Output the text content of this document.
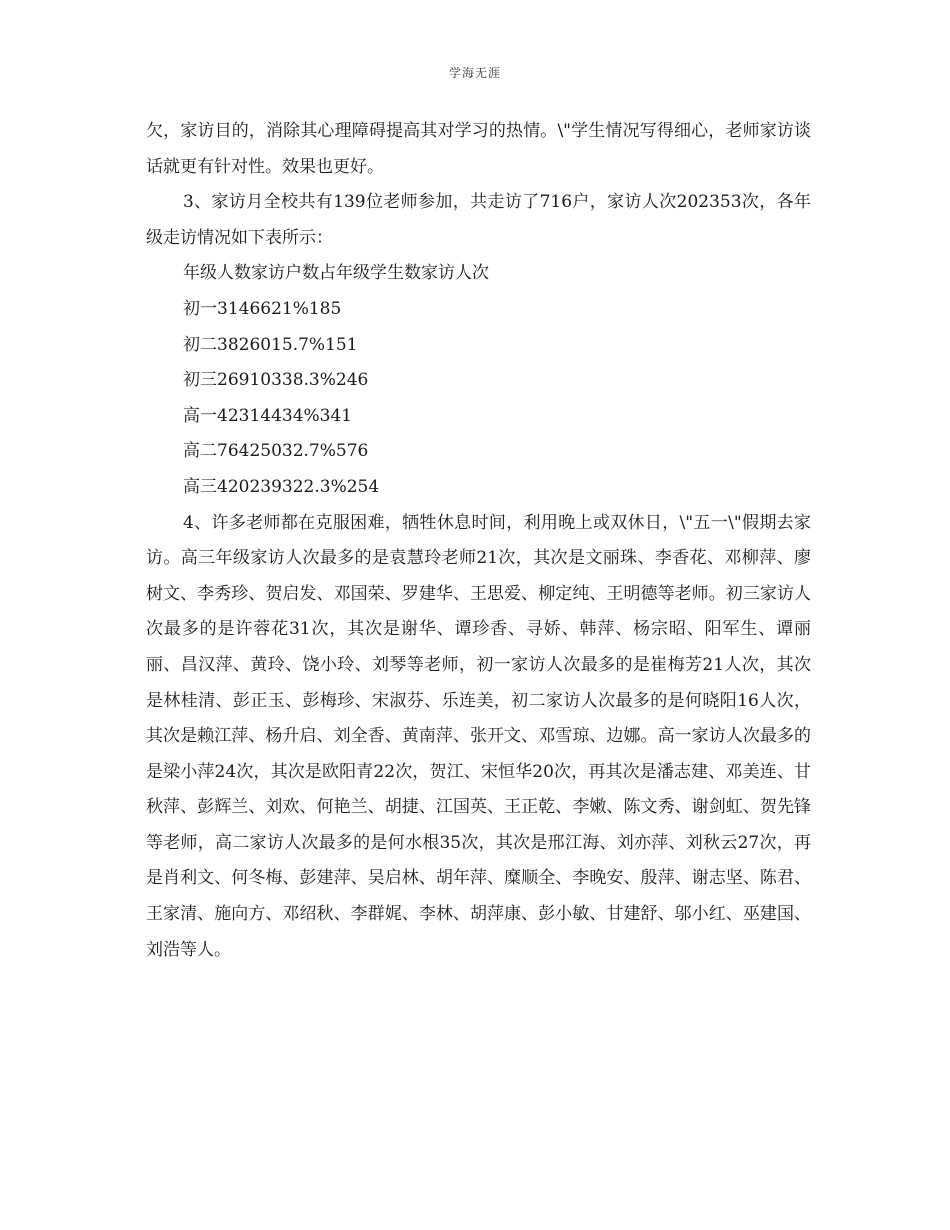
学海无涯

欠，家访目的，消除其心理障碍提高其对学习的热情。\"学生情况写得细心，老师家访谈话就更有针对性。效果也更好。

3、家访月全校共有139位老师参加，共走访了716户，家访人次202353次，各年级走访情况如下表所示：

年级人数家访户数占年级学生数家访人次

初一3146621%185

初二3826015.7%151

初三26910338.3%246

高一42314434%341

高二76425032.7%576

高三420239322.3%254

4、许多老师都在克服困难，牺牲休息时间，利用晚上或双休日，\"五一\"假期去家访。高三年级家访人次最多的是袁慧玲老师21次，其次是文丽珠、李香花、邓柳萍、廖树文、李秀珍、贺启发、邓国荣、罗建华、王思爱、柳定纯、王明德等老师。初三家访人次最多的是许蓉花31次，其次是谢华、谭珍香、寻娇、韩萍、杨宗昭、阳军生、谭丽丽、昌汉萍、黄玲、饶小玲、刘琴等老师，初一家访人次最多的是崔梅芳21人次，其次是林桂清、彭正玉、彭梅珍、宋淑芬、乐连美，初二家访人次最多的是何晓阳16人次，其次是赖江萍、杨升启、刘全香、黄南萍、张开文、邓雪琼、边娜。高一家访人次最多的是梁小萍24次，其次是欧阳青22次，贺江、宋恒华20次，再其次是潘志建、邓美连、甘秋萍、彭辉兰、刘欢、何艳兰、胡捷、江国英、王正乾、李嫩、陈文秀、谢剑虹、贺先锋等老师，高二家访人次最多的是何水根35次，其次是邢江海、刘亦萍、刘秋云27次，再是肖利文、何冬梅、彭建萍、吴启林、胡年萍、糜顺全、李晚安、殷萍、谢志坚、陈君、王家清、施向方、邓绍秋、李群娓、李林、胡萍康、彭小敏、甘建舒、邬小红、巫建国、刘浩等人。
